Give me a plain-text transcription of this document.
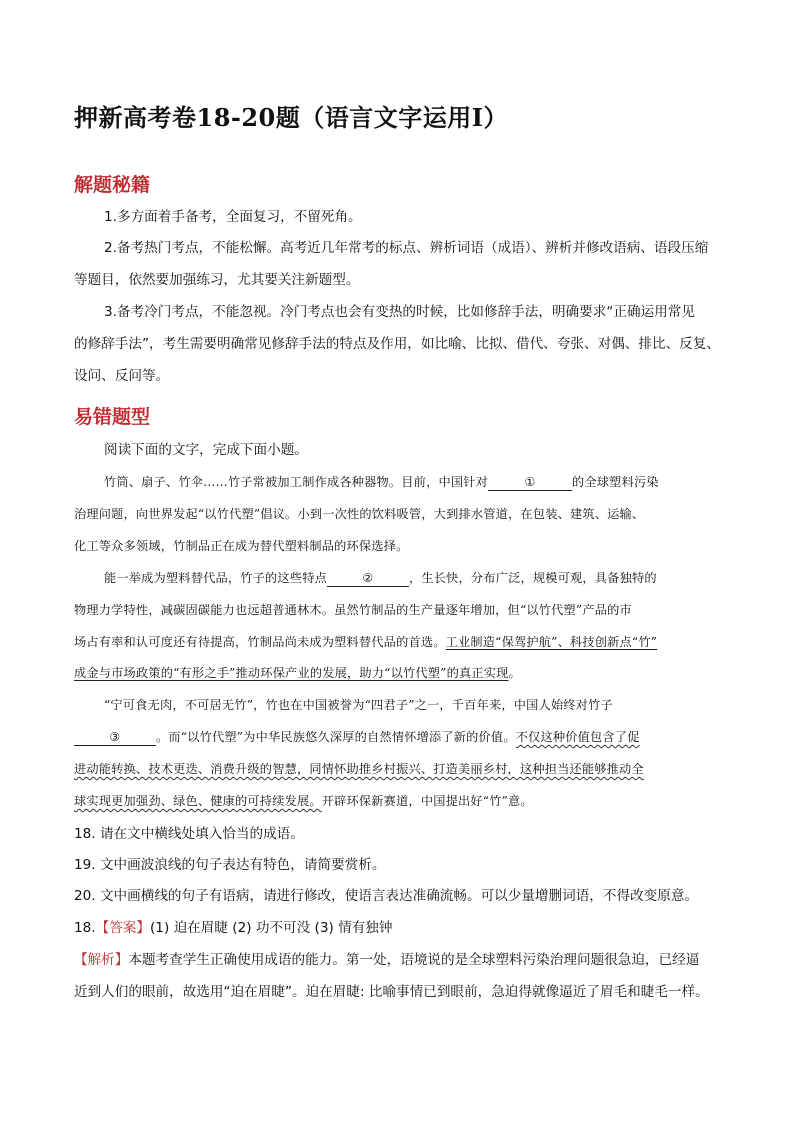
押新高考卷18-20题（语言文字运用Ⅰ）
解题秘籍
1.多方面着手备考，全面复习，不留死角。
2.备考热门考点，不能松懈。高考近几年常考的标点、辨析词语（成语）、辨析并修改语病、语段压缩
等题目，依然要加强练习，尤其要关注新题型。
3.备考冷门考点，不能忽视。冷门考点也会有变热的时候，比如修辞手法，明确要求“正确运用常见
的修辞手法”，考生需要明确常见修辞手法的特点及作用，如比喻、比拟、借代、夸张、对偶、排比、反复、
设问、反问等。
易错题型
阅读下面的文字，完成下面小题。
竹筒、扇子、竹伞……竹子常被加工制作成各种器物。目前，中国针对	①	的全球塑料污染
治理问题，向世界发起“以竹代塑”倡议。小到一次性的饮料吸管，大到排水管道，在包装、建筑、运输、
化工等众多领域，竹制品正在成为替代塑料制品的环保选择。
能一举成为塑料替代品，竹子的这些特点	②	，生长快，分布广泛，规模可观，具备独特的
物理力学特性，减碳固碳能力也远超普通林木。虽然竹制品的生产量逐年增加，但“以竹代塑”产品的市
场占有率和认可度还有待提高，竹制品尚未成为塑料替代品的首选。工业制造“保驾护航”、科技创新点“竹”
成金与市场政策的“有形之手”推动环保产业的发展，助力“以竹代塑”的真正实现。
“宁可食无肉，不可居无竹”，竹也在中国被誉为“四君子”之一，千百年来，中国人始终对竹子
③	。而“以竹代塑”为中华民族悠久深厚的自然情怀增添了新的价值。不仅这种价值包含了促
进动能转换、技术更迭、消费升级的智慧，同情怀助推乡村振兴、打造美丽乡村，这种担当还能够推动全
球实现更加强劲、绿色、健康的可持续发展。开辟环保新赛道，中国提出好“竹”意。
18. 请在文中横线处填入恰当的成语。
19. 文中画波浪线的句子表达有特色，请简要赏析。
20. 文中画横线的句子有语病，请进行修改，使语言表达准确流畅。可以少量增删词语，不得改变原意。
18.【答案】(1) 迫在眉睫 (2) 功不可没 (3) 情有独钟
【解析】本题考查学生正确使用成语的能力。第一处，语境说的是全球塑料污染治理问题很急迫，已经逼
近到人们的眼前，故选用“迫在眉睫”。迫在眉睫: 比喻事情已到眼前，急迫得就像逼近了眉毛和睫毛一样。
